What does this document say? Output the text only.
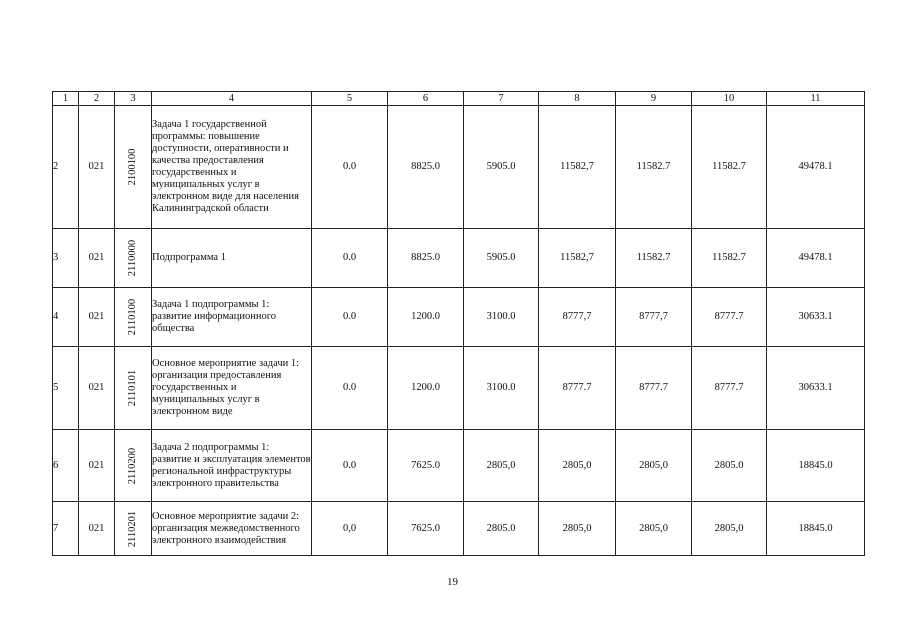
1	2	3	4	5	6	7	8	9	10	11
2	021	2100100	Задача 1 государственной программы: повышение доступности, оперативности и качества предоставления государственных и муниципальных услуг в электронном виде для населения Калининградской области	0.0	8825.0	5905.0	11582,7	11582.7	11582.7	49478.1
3	021	2110000	Подпрограмма 1	0.0	8825.0	5905.0	11582,7	11582.7	11582.7	49478.1
4	021	2110100	Задача 1 подпрограммы 1: развитие информационного общества	0.0	1200.0	3100.0	8777,7	8777,7	8777.7	30633.1
5	021	2110101	Основное мероприятие задачи 1: организация предоставления государственных и муниципальных услуг в электронном виде	0.0	1200.0	3100.0	8777.7	8777.7	8777.7	30633.1
6	021	2110200	Задача 2 подпрограммы 1: развитие и эксплуатация элементов региональной инфраструктуры электронного правительства	0.0	7625.0	2805,0	2805,0	2805,0	2805.0	18845.0
7	021	2110201	Основное мероприятие задачи 2: организация межведомственного электронного взаимодействия	0,0	7625.0	2805.0	2805,0	2805,0	2805,0	18845.0
19
